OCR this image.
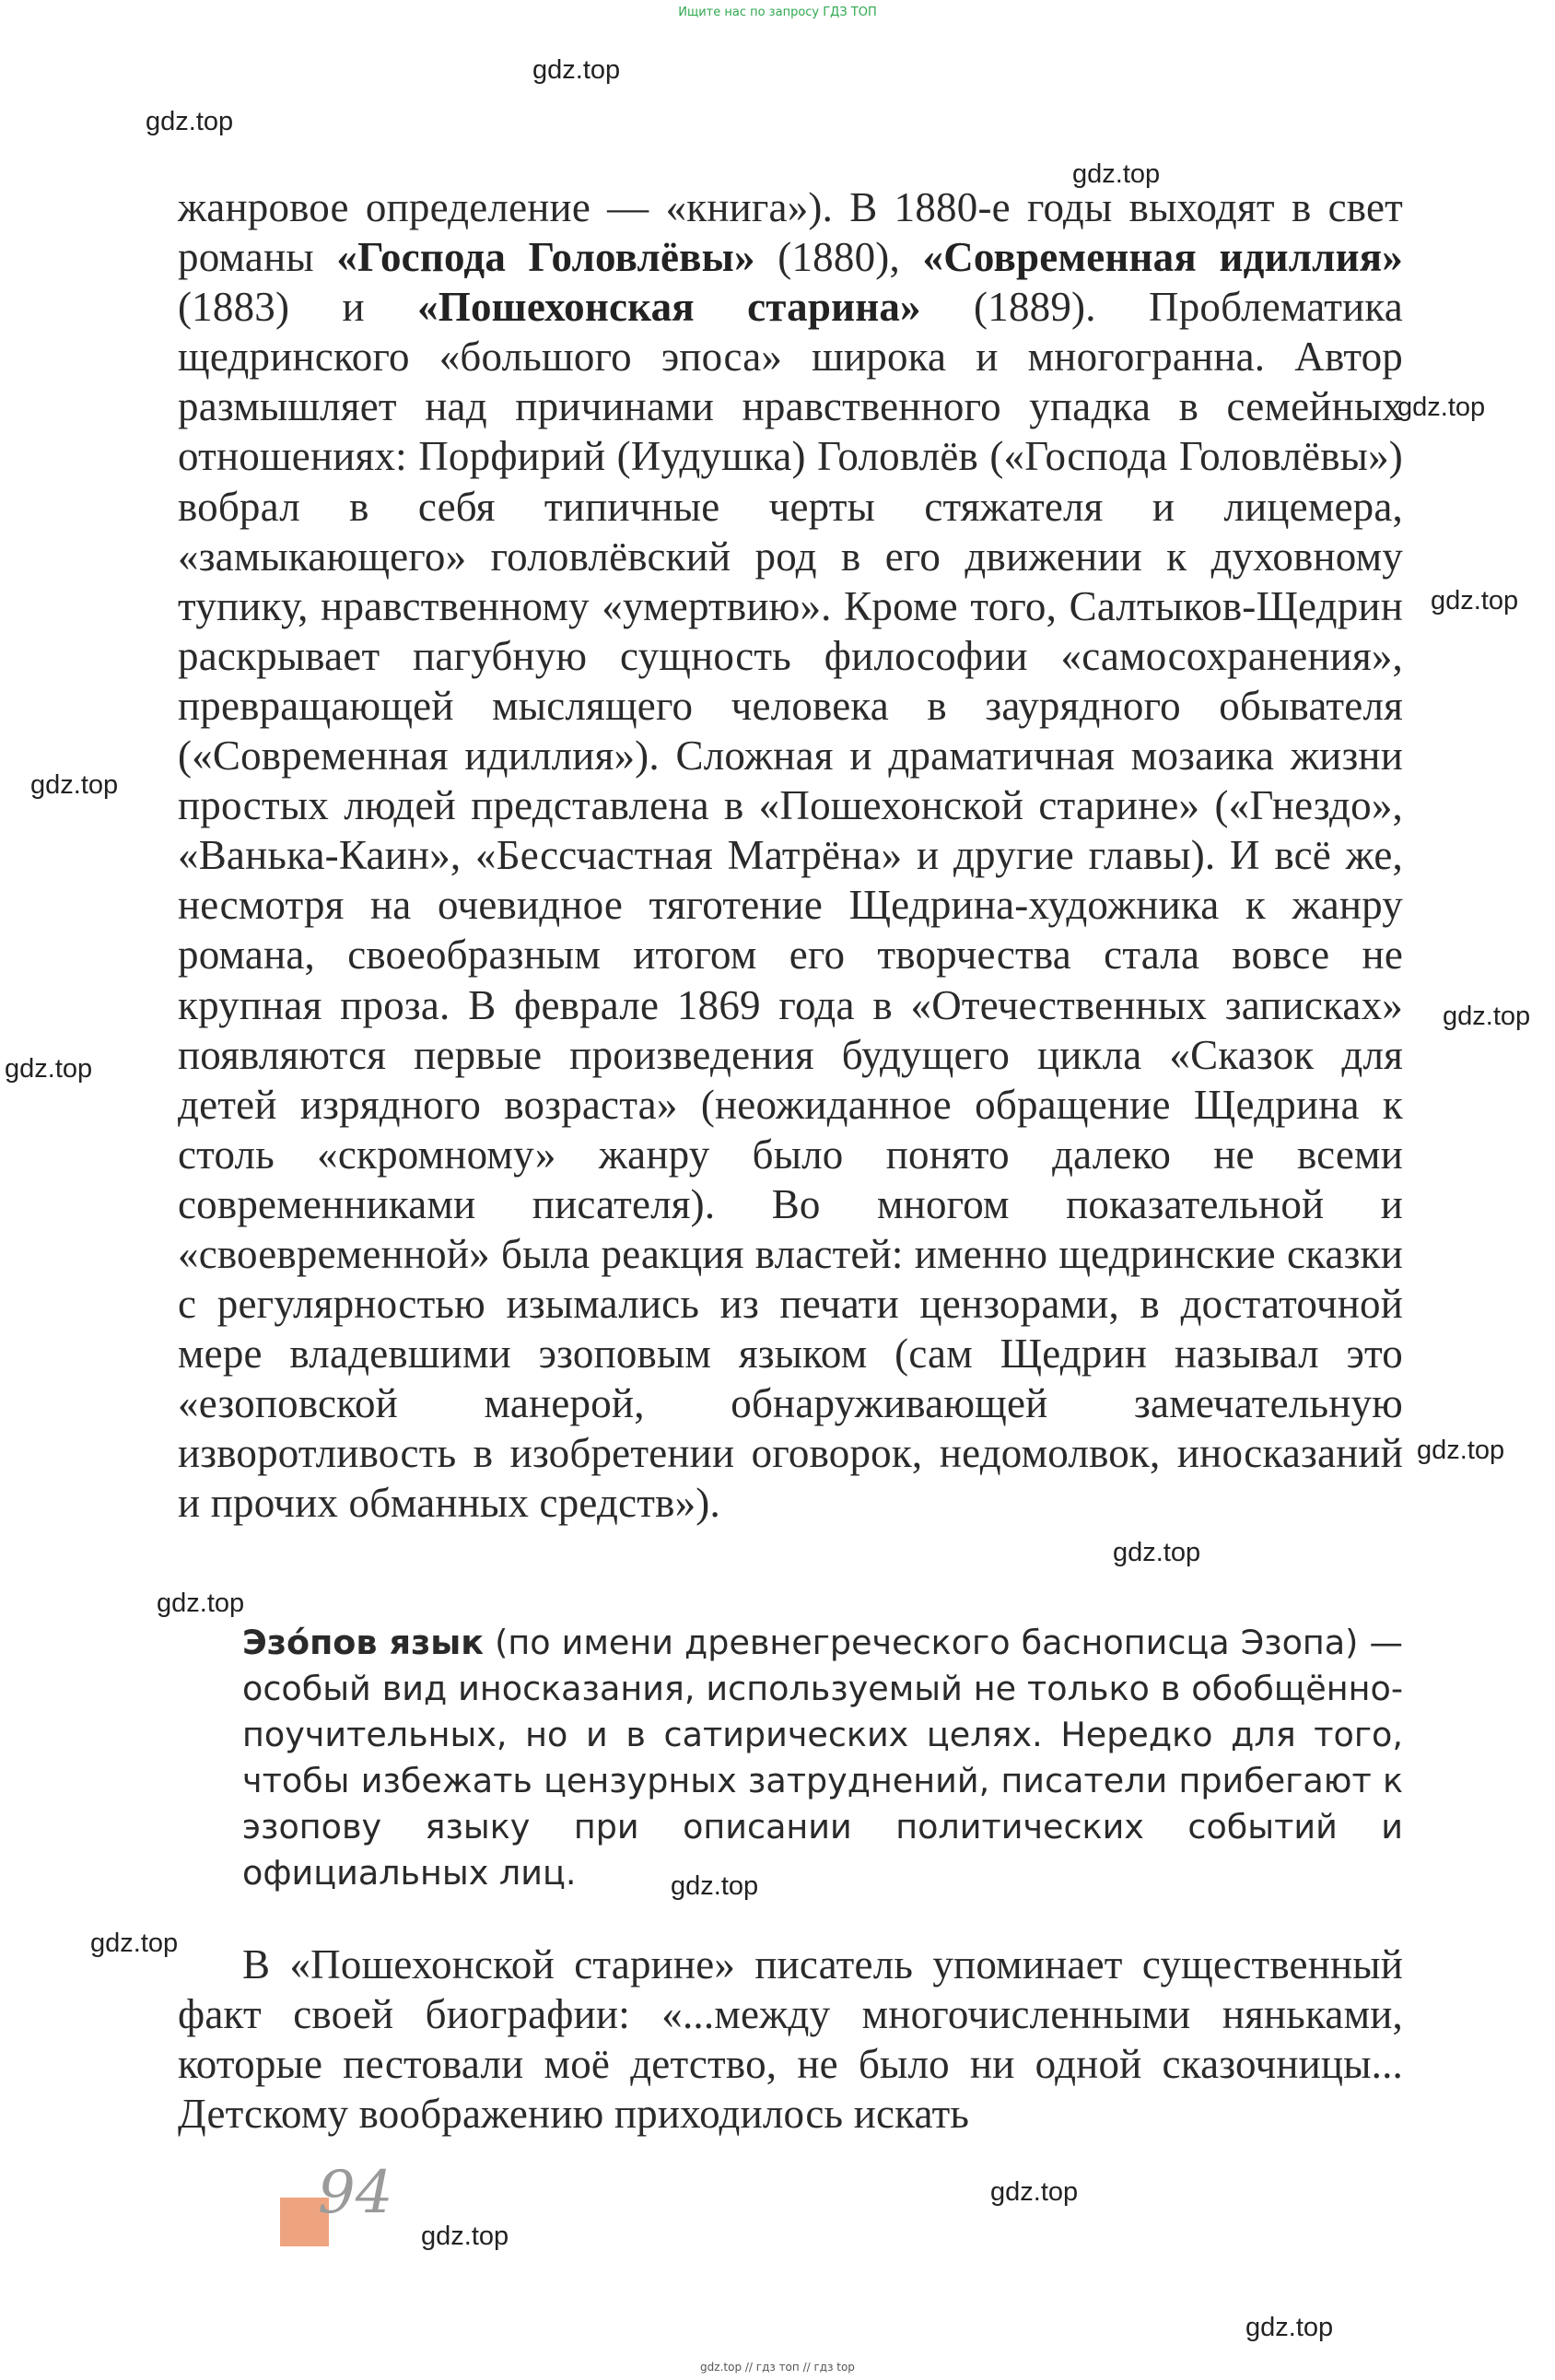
Ищите нас по запросу ГДЗ ТОП
gdz.top
gdz.top
gdz.top
gdz.top
gdz.top
gdz.top
gdz.top
gdz.top
gdz.top
gdz.top
gdz.top
gdz.top
gdz.top
gdz.top
gdz.top
gdz.top

жанровое определение — «книга»). В 1880-е годы выходят в свет романы «Господа Головлёвы» (1880), «Современная идиллия» (1883) и «Пошехонская старина» (1889). Проблематика щедринского «большого эпоса» широка и многогранна. Автор размышляет над причинами нравственного упадка в семейных отношениях: Порфирий (Иудушка) Головлёв («Господа Головлёвы») вобрал в себя типичные черты стяжателя и лицемера, «замыкающего» головлёвский род в его движении к духовному тупику, нравственному «умертвию». Кроме того, Салтыков-Щедрин раскрывает пагубную сущность философии «самосохранения», превращающей мыслящего человека в заурядного обывателя («Современная идиллия»). Сложная и драматичная мозаика жизни простых людей представлена в «Пошехонской старине» («Гнездо», «Ванька-Каин», «Бессчастная Матрёна» и другие главы). И всё же, несмотря на очевидное тяготение Щедрина-художника к жанру романа, своеобразным итогом его творчества стала вовсе не крупная проза. В феврале 1869 года в «Отечественных записках» появляются первые произведения будущего цикла «Сказок для детей изрядного возраста» (неожиданное обращение Щедрина к столь «скромному» жанру было понято далеко не всеми современниками писателя). Во многом показательной и «своевременной» была реакция властей: именно щедринские сказки с регулярностью изымались из печати цензорами, в достаточной мере владевшими эзоповым языком (сам Щедрин называл это «езоповской манерой, обнаруживающей замечательную изворотливость в изобретении оговорок, недомолвок, иносказаний и прочих обманных средств»).

Эзо́пов язык (по имени древнегреческого баснописца Эзопа) — особый вид иносказания, используемый не только в обобщённо-поучительных, но и в сатирических целях. Нередко для того, чтобы избежать цензурных затруднений, писатели прибегают к эзопову языку при описании политических событий и официальных лиц.

В «Пошехонской старине» писатель упоминает существенный факт своей биографии: «...между многочисленными няньками, которые пестовали моё детство, не было ни одной сказочницы... Детскому воображению приходилось искать

94
gdz.top // гдз топ // гдз top
